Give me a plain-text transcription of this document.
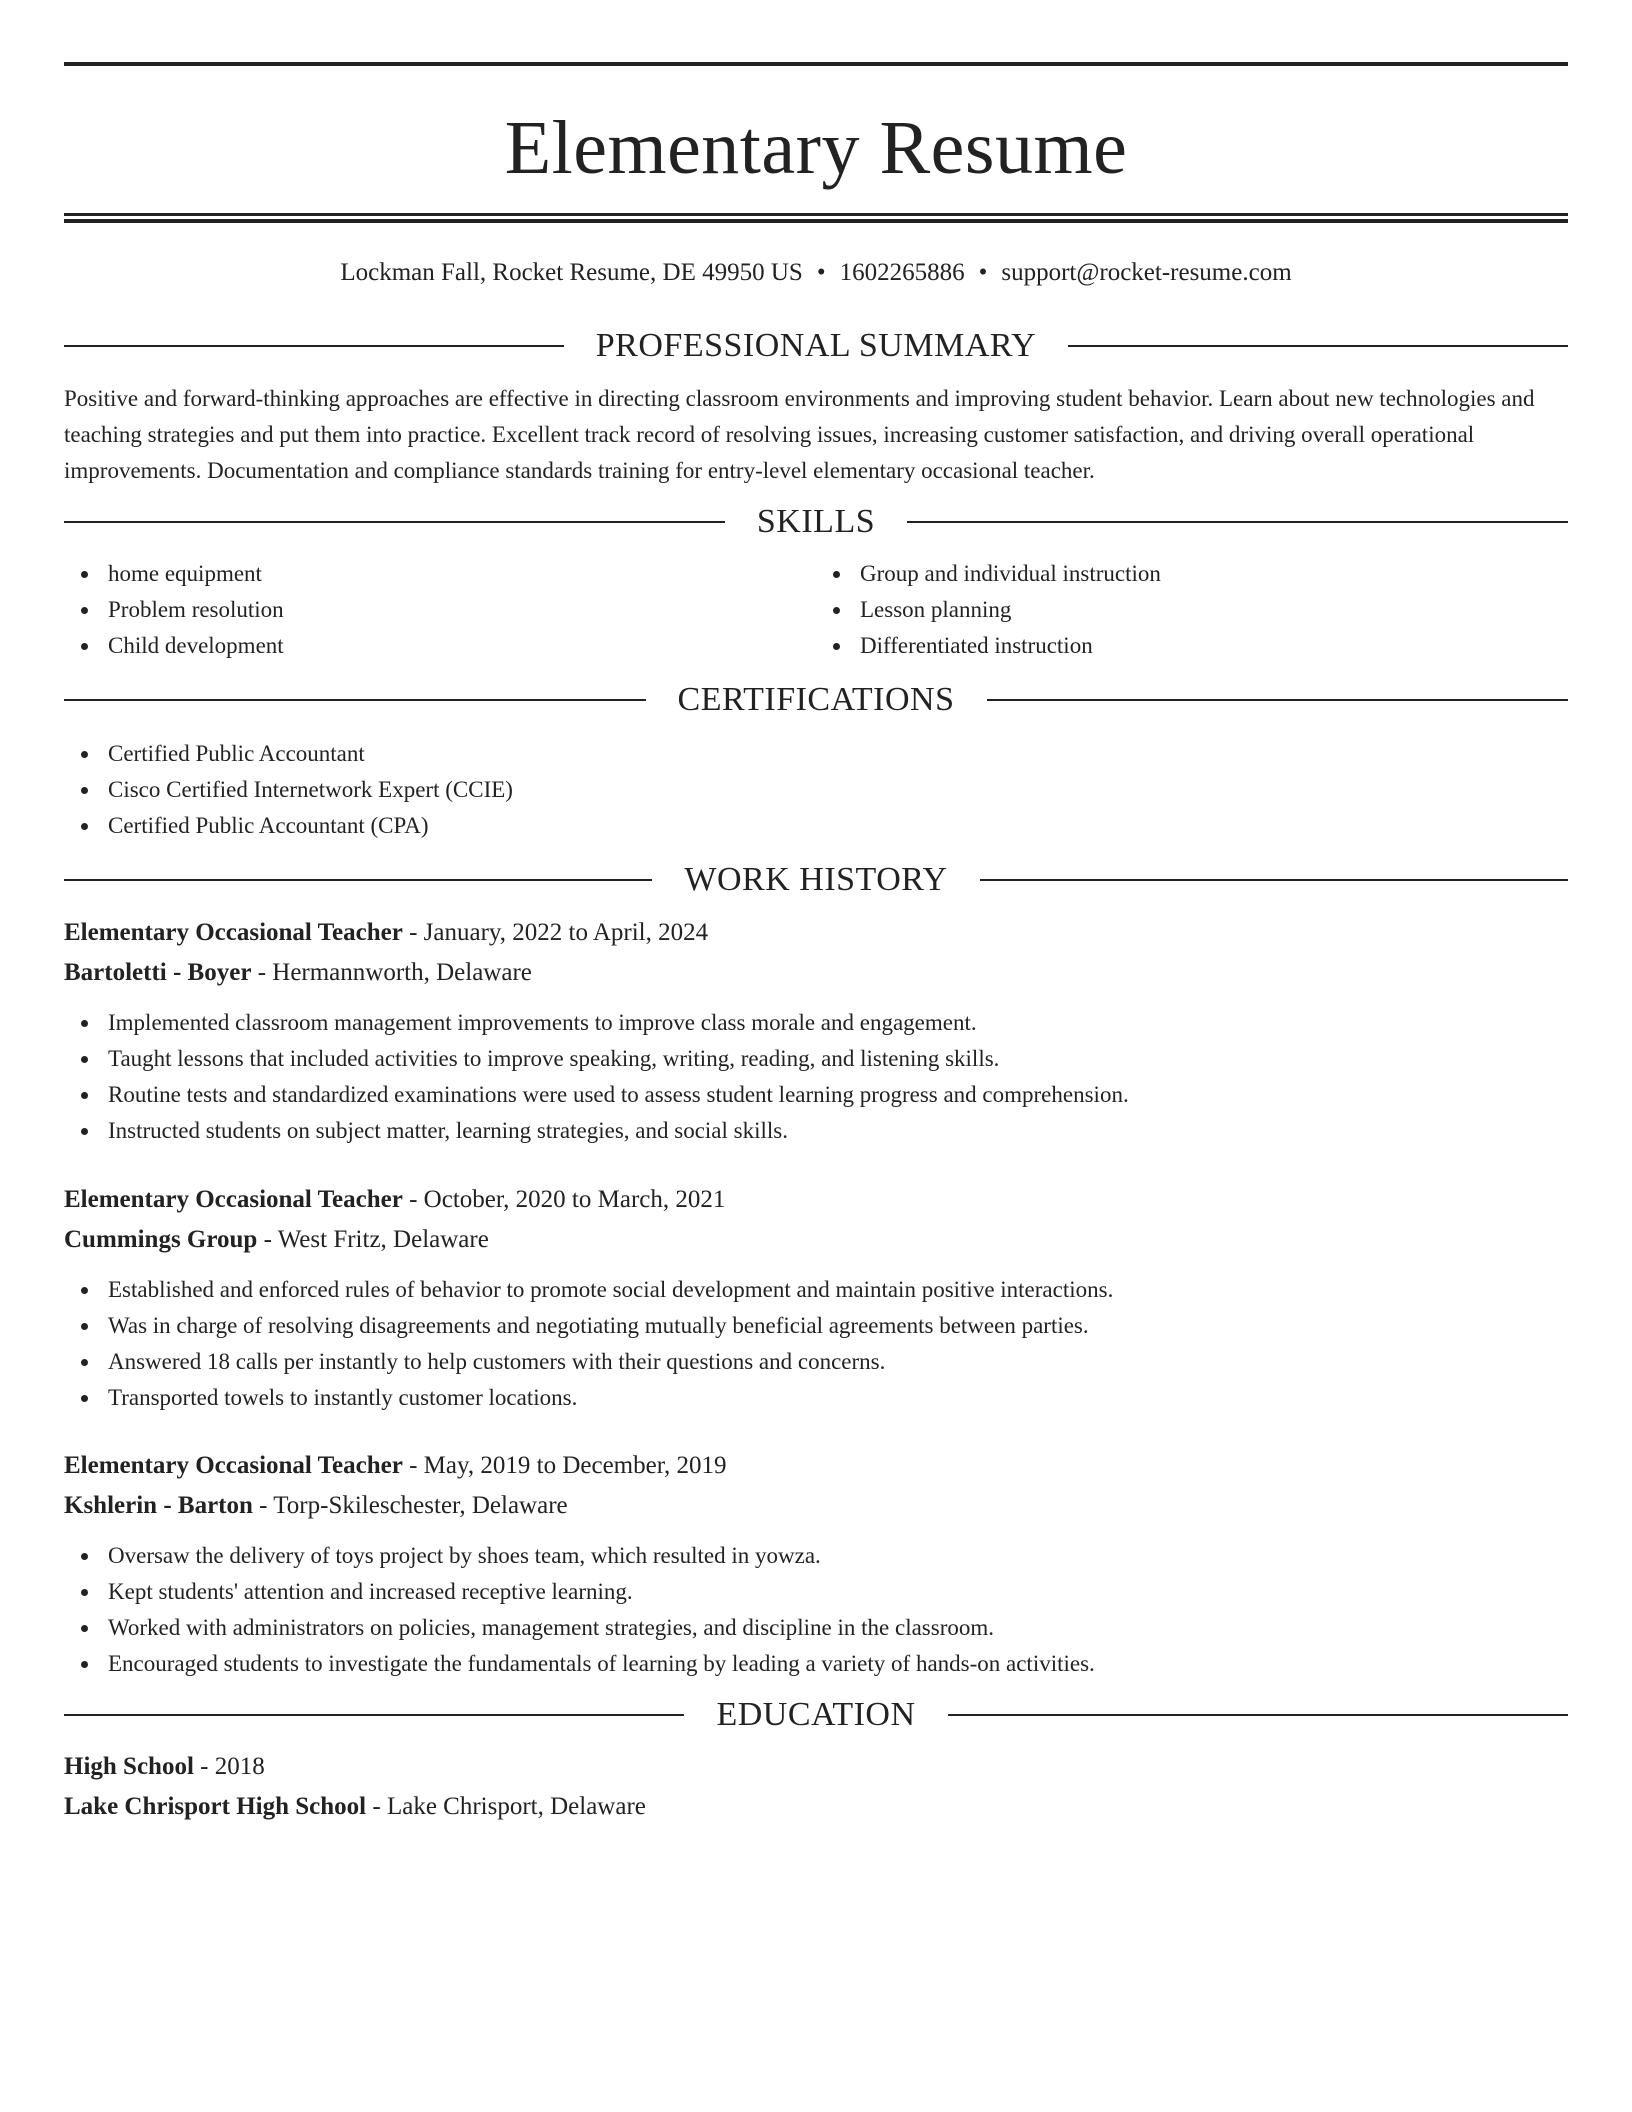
Elementary Resume
Lockman Fall, Rocket Resume, DE 49950 US • 1602265886 • support@rocket-resume.com
PROFESSIONAL SUMMARY

Positive and forward-thinking approaches are effective in directing classroom environments and improving student behavior. Learn about new technologies and teaching strategies and put them into practice. Excellent track record of resolving issues, increasing customer satisfaction, and driving overall operational improvements. Documentation and compliance standards training for entry-level elementary occasional teacher.

SKILLS
home equipment
Problem resolution
Child development
Group and individual instruction
Lesson planning
Differentiated instruction
CERTIFICATIONS
Certified Public Accountant
Cisco Certified Internetwork Expert (CCIE)
Certified Public Accountant (CPA)
WORK HISTORY
Elementary Occasional Teacher - January, 2022 to April, 2024
Bartoletti - Boyer - Hermannworth, Delaware
Implemented classroom management improvements to improve class morale and engagement.
Taught lessons that included activities to improve speaking, writing, reading, and listening skills.
Routine tests and standardized examinations were used to assess student learning progress and comprehension.
Instructed students on subject matter, learning strategies, and social skills.
Elementary Occasional Teacher - October, 2020 to March, 2021
Cummings Group - West Fritz, Delaware
Established and enforced rules of behavior to promote social development and maintain positive interactions.
Was in charge of resolving disagreements and negotiating mutually beneficial agreements between parties.
Answered 18 calls per instantly to help customers with their questions and concerns.
Transported towels to instantly customer locations.
Elementary Occasional Teacher - May, 2019 to December, 2019
Kshlerin - Barton - Torp-Skileschester, Delaware
Oversaw the delivery of toys project by shoes team, which resulted in yowza.
Kept students' attention and increased receptive learning.
Worked with administrators on policies, management strategies, and discipline in the classroom.
Encouraged students to investigate the fundamentals of learning by leading a variety of hands-on activities.
EDUCATION
High School - 2018
Lake Chrisport High School - Lake Chrisport, Delaware
